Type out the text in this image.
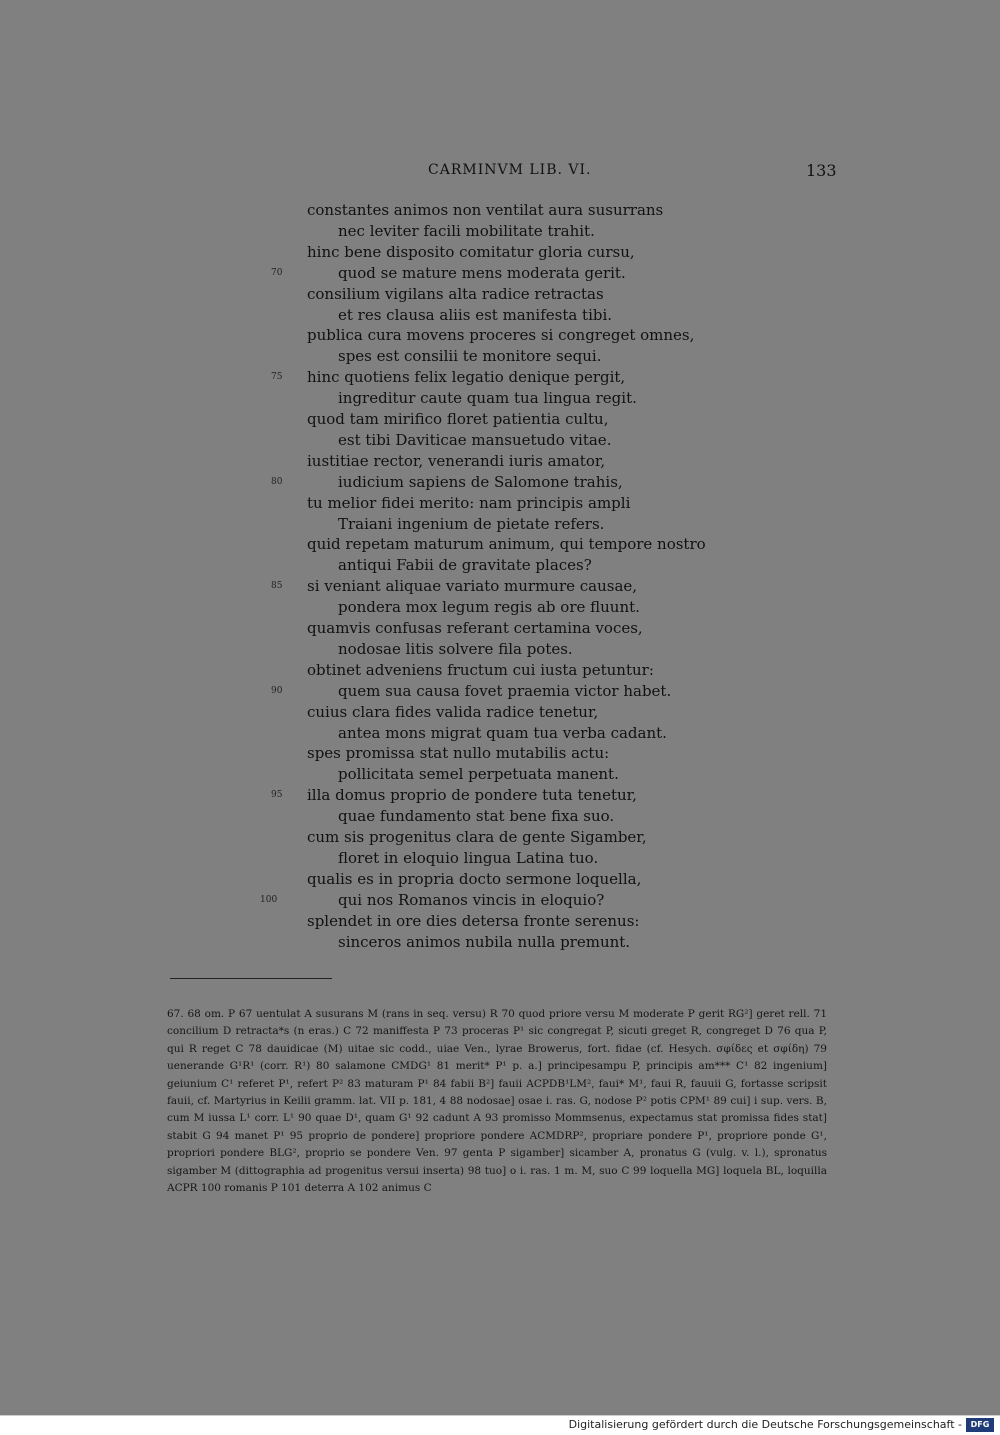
CARMINVM LIB. VI.	133
constantes animos non ventilat aura susurrans
nec leviter facili mobilitate trahit.
hinc bene disposito comitatur gloria cursu,
quod se mature mens moderata gerit.
70
consilium vigilans alta radice retractas
et res clausa aliis est manifesta tibi.
publica cura movens proceres si congreget omnes,
spes est consilii te monitore sequi.
hinc quotiens felix legatio denique pergit,
75
ingreditur caute quam tua lingua regit.
quod tam mirifico floret patientia cultu,
est tibi Daviticae mansuetudo vitae.
iustitiae rector, venerandi iuris amator,
iudicium sapiens de Salomone trahis,
80
tu melior fidei merito: nam principis ampli
Traiani ingenium de pietate refers.
quid repetam maturum animum, qui tempore nostro
antiqui Fabii de gravitate places?
si veniant aliquae variato murmure causae,
85
pondera mox legum regis ab ore fluunt.
quamvis confusas referant certamina voces,
nodosae litis solvere fila potes.
obtinet adveniens fructum cui iusta petuntur:
quem sua causa fovet praemia victor habet.
90
cuius clara fides valida radice tenetur,
antea mons migrat quam tua verba cadant.
spes promissa stat nullo mutabilis actu:
pollicitata semel perpetuata manent.
illa domus proprio de pondere tuta tenetur,
95
quae fundamento stat bene fixa suo.
cum sis progenitus clara de gente Sigamber,
floret in eloquio lingua Latina tuo.
qualis es in propria docto sermone loquella,
qui nos Romanos vincis in eloquio?
100
splendet in ore dies detersa fronte serenus:
sinceros animos nubila nulla premunt.
67. 68 om. P 67 uentulat A susurans M (rans in seq. versu) R 70 quod priore versu M moderate P gerit RG²] geret rell. 71 concilium D retracta*s (n eras.) C 72 maniffesta P 73 proceras P¹ sic congregat P, sicuti greget R, congreget D 76 qua P, qui R reget C 78 dauidicae (M) uitae sic codd., uiae Ven., lyrae Browerus, fort. fidae (cf. Hesych. σφίδες et σφίδη) 79 uenerande G¹R¹ (corr. R¹) 80 salamone CMDG¹ 81 merit* P¹ p. a.] principesampu P, principis am*** C¹ 82 ingenium] geiunium C¹ referet P¹, refert P² 83 maturam P¹ 84 fabii B²] fauii ACPDB¹LM², faui* M¹, faui R, fauuii G, fortasse scripsit fauii, cf. Martyrius in Keilii gramm. lat. VII p. 181, 4 88 nodosae] osae i. ras. G, nodose P² potis CPM¹ 89 cui] i sup. vers. B, cum M iussa L¹ corr. L¹ 90 quae D¹, quam G¹ 92 cadunt A 93 promisso Mommsenus, expectamus stat promissa fides stat] stabit G 94 manet P¹ 95 proprio de pondere] propriore pondere ACMDRP², propriare pondere P¹, propriore ponde G¹, propriori pondere BLG², proprio se pondere Ven. 97 genta P sigamber] sicamber A, pronatus G (vulg. v. l.), spronatus sigamber M (dittographia ad progenitus versui inserta) 98 tuo] o i. ras. 1 m. M, suo C 99 loquella MG] loquela BL, loquilla ACPR 100 romanis P 101 deterra A 102 animus C
Digitalisierung gefördert durch die Deutsche Forschungsgemeinschaft -	DFG
